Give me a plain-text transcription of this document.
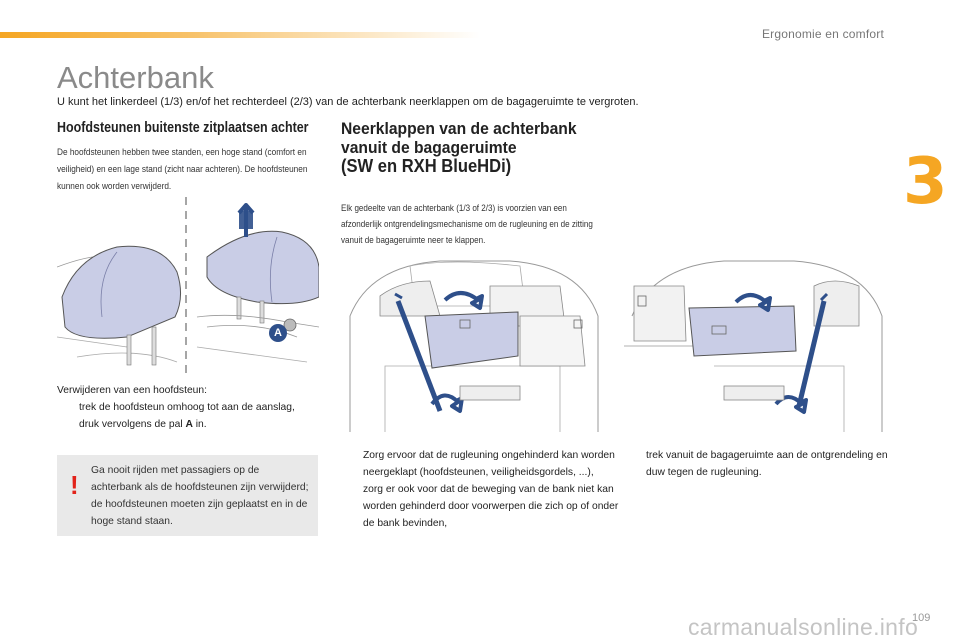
Ergonomie en comfort
3
Achterbank

U kunt het linkerdeel (1/3) en/of het rechterdeel (2/3) van de achterbank neerklappen om de bagageruimte te vergroten.

Hoofdsteunen buitenste zitplaatsen achter

De hoofdsteunen hebben twee standen, een hoge stand (comfort en veiligheid) en een lage stand (zicht naar achteren). De hoofdsteunen kunnen ook worden verwijderd.

Neerklappen van de achterbank
vanuit de bagageruimte
(SW en RXH BlueHDi)

Elk gedeelte van de achterbank (1/3 of 2/3) is voorzien van een afzonderlijk ontgrendelingsmechanisme om de rugleuning en de zitting vanuit de bagageruimte neer te klappen.

A
Verwijderen van een hoofdsteun:
trek de hoofdsteun omhoog tot aan de aanslag,
druk vervolgens de pal A in.
! Ga nooit rijden met passagiers op de achterbank als de hoofdsteunen zijn verwijderd; de hoofdsteunen moeten zijn geplaatst en in de hoge stand staan.
Zorg ervoor dat de rugleuning ongehinderd kan worden neergeklapt (hoofdsteunen, veiligheidsgordels, ...),
zorg er ook voor dat de beweging van de bank niet kan worden gehinderd door voorwerpen die zich op of onder de bank bevinden,
trek vanuit de bagageruimte aan de ontgrendeling en duw tegen de rugleuning.
carmanualsonline.info
109
